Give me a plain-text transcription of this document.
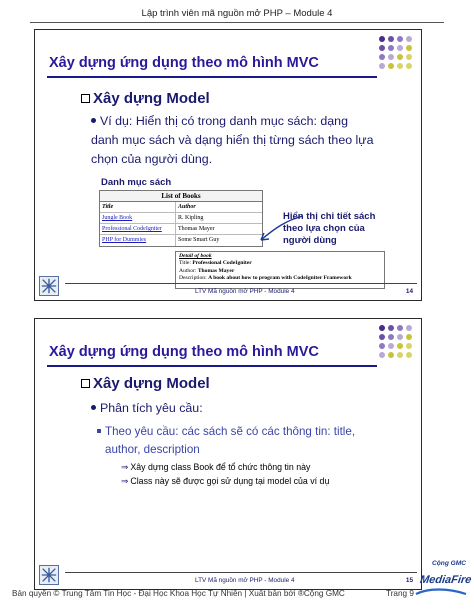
Lập trình viên mã nguồn mở PHP – Module 4
Xây dựng ứng dụng theo mô hình MVC
Xây dựng Model
Ví dụ: Hiển thị có trong danh mục sách: dạng
danh mục sách và dạng hiển thị từng sách theo lựa
chọn của người dùng.
Danh mục sách
List of Books
Title	Author
Jungle Book	R. Kipling
Professional CodeIgniter	Thomas Mayer
PHP for Dummies	Some Smart Guy
Hiển thị chi tiết sách
theo lựa chọn của
người dùng
Detail of book
Title: Professional CodeIgniter
Author: Thomas Mayer
Description: A book about how to program with CodeIgniter Framework
LTV Mã nguồn mở PHP - Module 4	14
Xây dựng ứng dụng theo mô hình MVC
Xây dựng Model
Phân tích yêu cầu:
Theo yêu cầu: các sách sẽ có các thông tin: title,
author, description
⇒ Xây dựng class Book để tổ chức thông tin này
⇒ Class này sẽ được gọi sử dụng tại model của ví dụ
LTV Mã nguồn mở PHP - Module 4	15
Bản quyền © Trung Tâm Tin Học - Đại Học Khoa Học Tự Nhiên | Xuất bản bởi ®Cộng GMC	Trang 9
Cộng GMC
MediaFire
